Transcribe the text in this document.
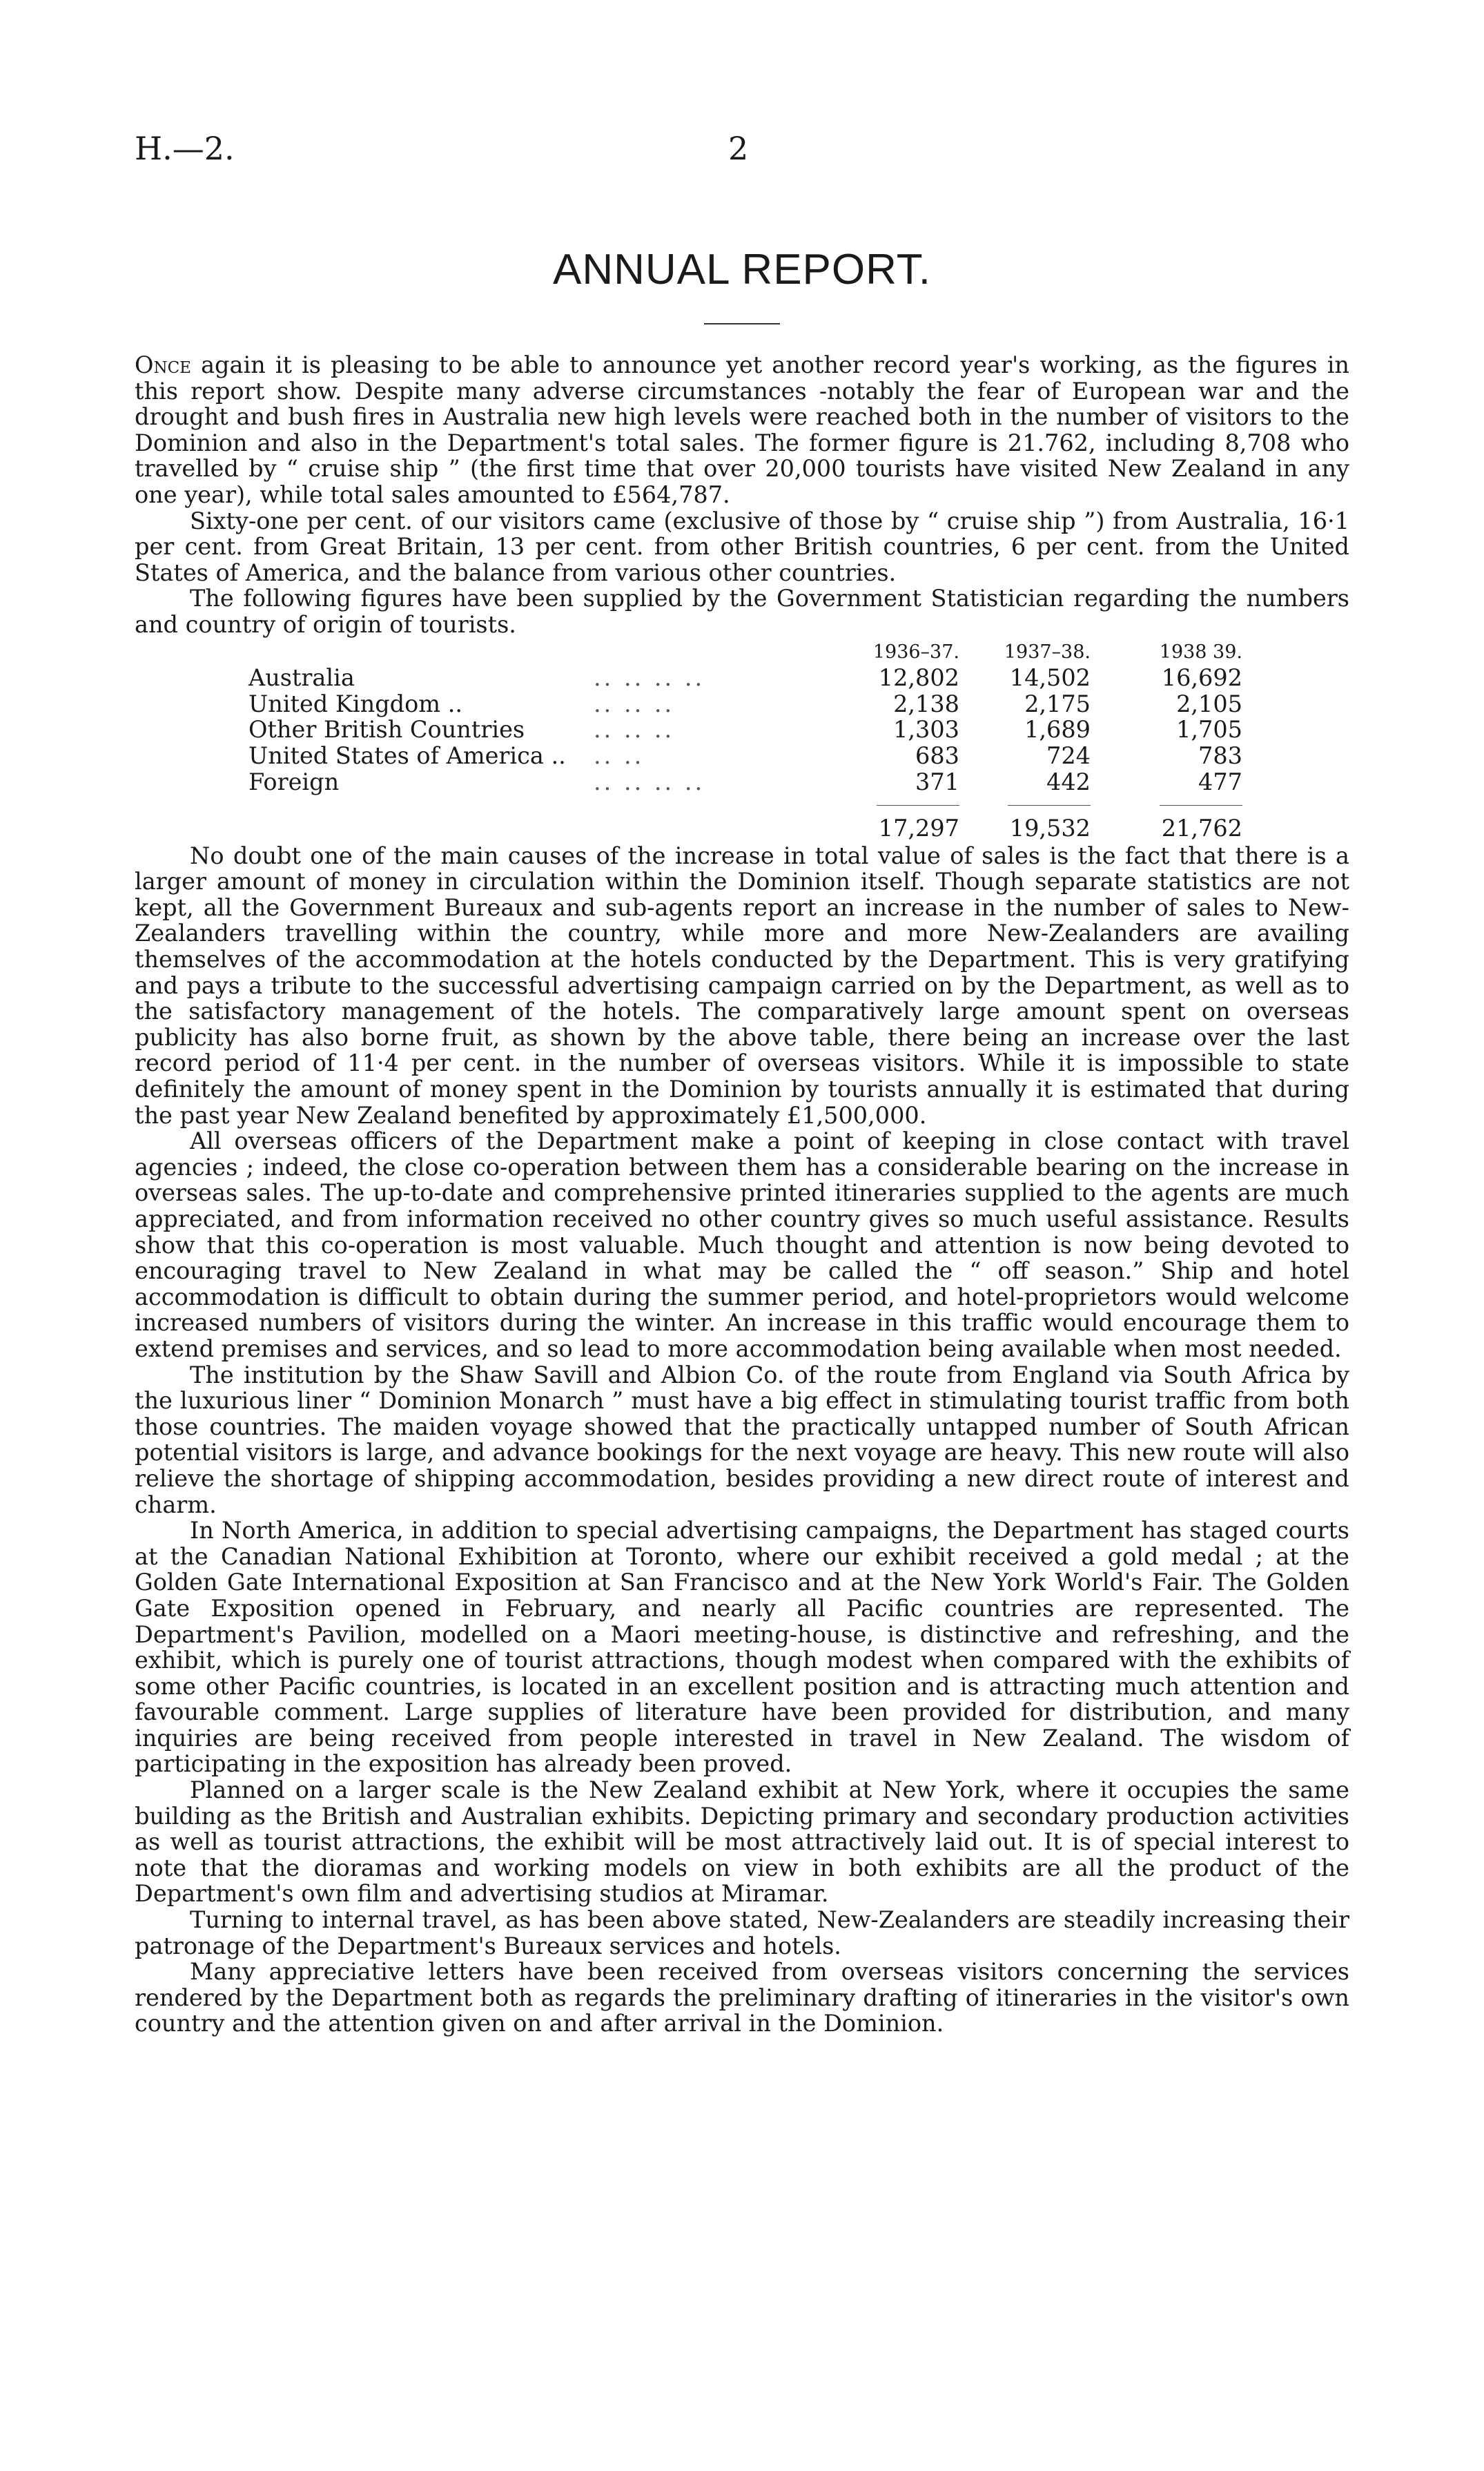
H.—2.	2
ANNUAL REPORT.

Once again it is pleasing to be able to announce yet another record year's working, as the figures in this report show. Despite many adverse circumstances -notably the fear of European war and the drought and bush fires in Australia new high levels were reached both in the number of visitors to the Dominion and also in the Department's total sales. The former figure is 21.762, including 8,708 who travelled by “ cruise ship ” (the first time that over 20,000 tourists have visited New Zealand in any one year), while total sales amounted to £564,787.

Sixty-one per cent. of our visitors came (exclusive of those by “ cruise ship ”) from Australia, 16·1 per cent. from Great Britain, 13 per cent. from other British countries, 6 per cent. from the United States of America, and the balance from various other countries.

The following figures have been supplied by the Government Statistician regarding the numbers and country of origin of tourists.

		1936–37.	1937–38.	1938 39.
Australia	.. .. .. ..	12,802	14,502	16,692
United Kingdom ..	.. .. ..	2,138	2,175	2,105
Other British Countries	.. .. ..	1,303	1,689	1,705
United States of America ..	.. ..	683	724	783
Foreign	.. .. .. ..	371	442	477

		17,297	19,532	21,762

No doubt one of the main causes of the increase in total value of sales is the fact that there is a larger amount of money in circulation within the Dominion itself. Though separate statistics are not kept, all the Government Bureaux and sub-agents report an increase in the number of sales to New-Zealanders travelling within the country, while more and more New-Zealanders are availing themselves of the accommodation at the hotels conducted by the Department. This is very gratifying and pays a tribute to the successful advertising campaign carried on by the Department, as well as to the satisfactory management of the hotels. The comparatively large amount spent on overseas publicity has also borne fruit, as shown by the above table, there being an increase over the last record period of 11·4 per cent. in the number of overseas visitors. While it is impossible to state definitely the amount of money spent in the Dominion by tourists annually it is estimated that during the past year New Zealand benefited by approximately £1,500,000.

All overseas officers of the Department make a point of keeping in close contact with travel agencies ; indeed, the close co-operation between them has a considerable bearing on the increase in overseas sales. The up-to-date and comprehensive printed itineraries supplied to the agents are much appreciated, and from information received no other country gives so much useful assistance. Results show that this co-operation is most valuable. Much thought and attention is now being devoted to encouraging travel to New Zealand in what may be called the “ off season.” Ship and hotel accommodation is difficult to obtain during the summer period, and hotel-proprietors would welcome increased numbers of visitors during the winter. An increase in this traffic would encourage them to extend premises and services, and so lead to more accommodation being available when most needed.

The institution by the Shaw Savill and Albion Co. of the route from England via South Africa by the luxurious liner “ Dominion Monarch ” must have a big effect in stimulating tourist traffic from both those countries. The maiden voyage showed that the practically untapped number of South African potential visitors is large, and advance bookings for the next voyage are heavy. This new route will also relieve the shortage of shipping accommodation, besides providing a new direct route of interest and charm.

In North America, in addition to special advertising campaigns, the Department has staged courts at the Canadian National Exhibition at Toronto, where our exhibit received a gold medal ; at the Golden Gate International Exposition at San Francisco and at the New York World's Fair. The Golden Gate Exposition opened in February, and nearly all Pacific countries are represented. The Department's Pavilion, modelled on a Maori meeting-house, is distinctive and refreshing, and the exhibit, which is purely one of tourist attractions, though modest when compared with the exhibits of some other Pacific countries, is located in an excellent position and is attracting much attention and favourable comment. Large supplies of literature have been provided for distribution, and many inquiries are being received from people interested in travel in New Zealand. The wisdom of participating in the exposition has already been proved.

Planned on a larger scale is the New Zealand exhibit at New York, where it occupies the same building as the British and Australian exhibits. Depicting primary and secondary production activities as well as tourist attractions, the exhibit will be most attractively laid out. It is of special interest to note that the dioramas and working models on view in both exhibits are all the product of the Department's own film and advertising studios at Miramar.

Turning to internal travel, as has been above stated, New-Zealanders are steadily increasing their patronage of the Department's Bureaux services and hotels.

Many appreciative letters have been received from overseas visitors concerning the services rendered by the Department both as regards the preliminary drafting of itineraries in the visitor's own country and the attention given on and after arrival in the Dominion.
